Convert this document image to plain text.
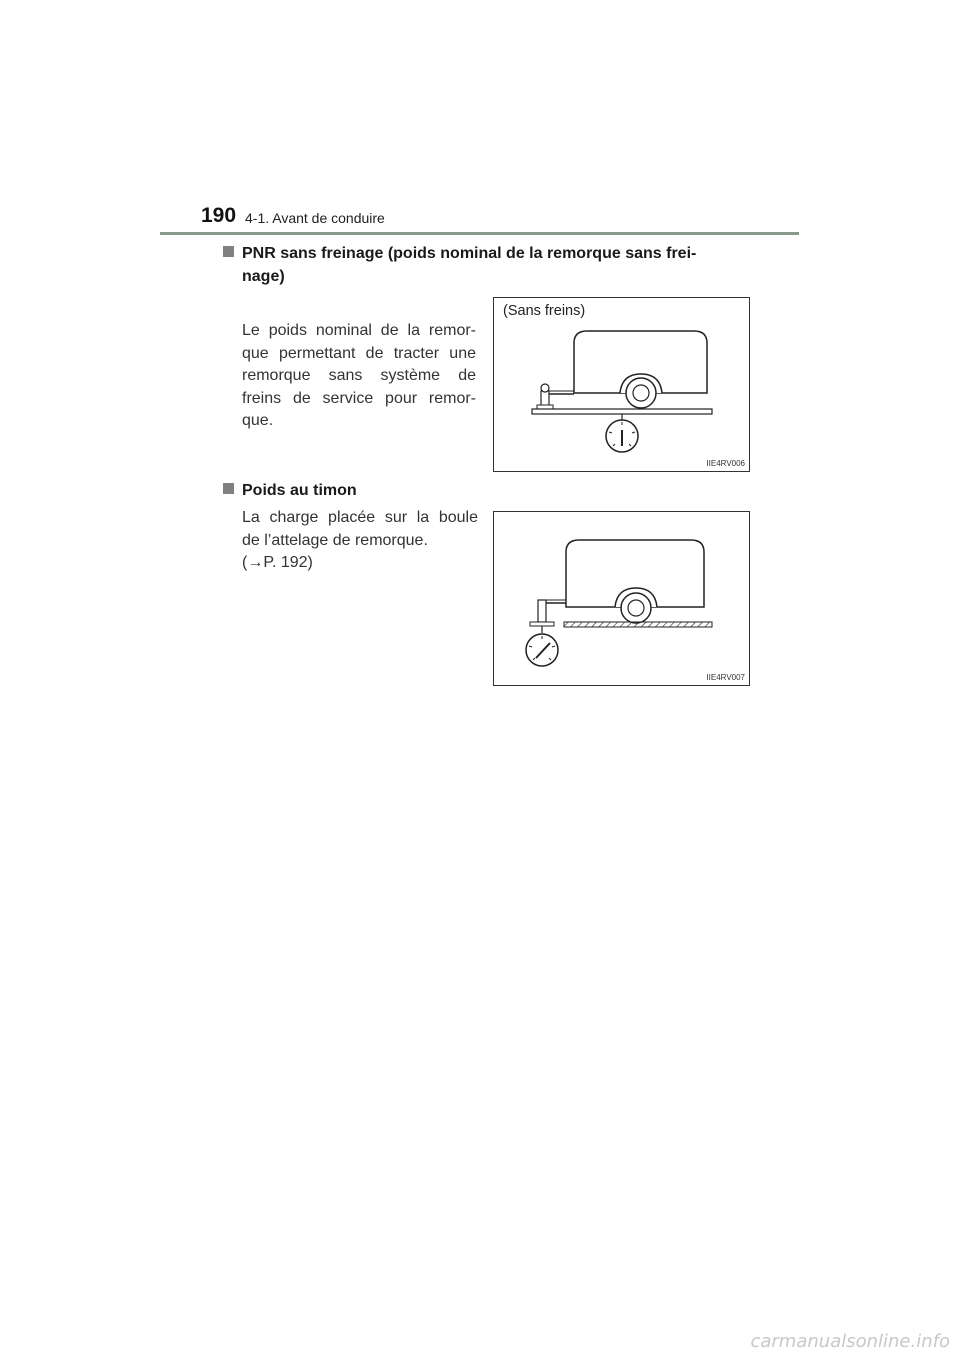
190 4-1. Avant de conduire
PNR sans freinage (poids nominal de la remorque sans frei-
nage)
Le poids nominal de la remor-que permettant de tracter une remorque sans système de freins de service pour remor-que.
(Sans freins)
IIE4RV006
Poids au timon
La charge placée sur la boule
de l’attelage de remorque.
(→P. 192)
IIE4RV007
carmanualsonline.info
